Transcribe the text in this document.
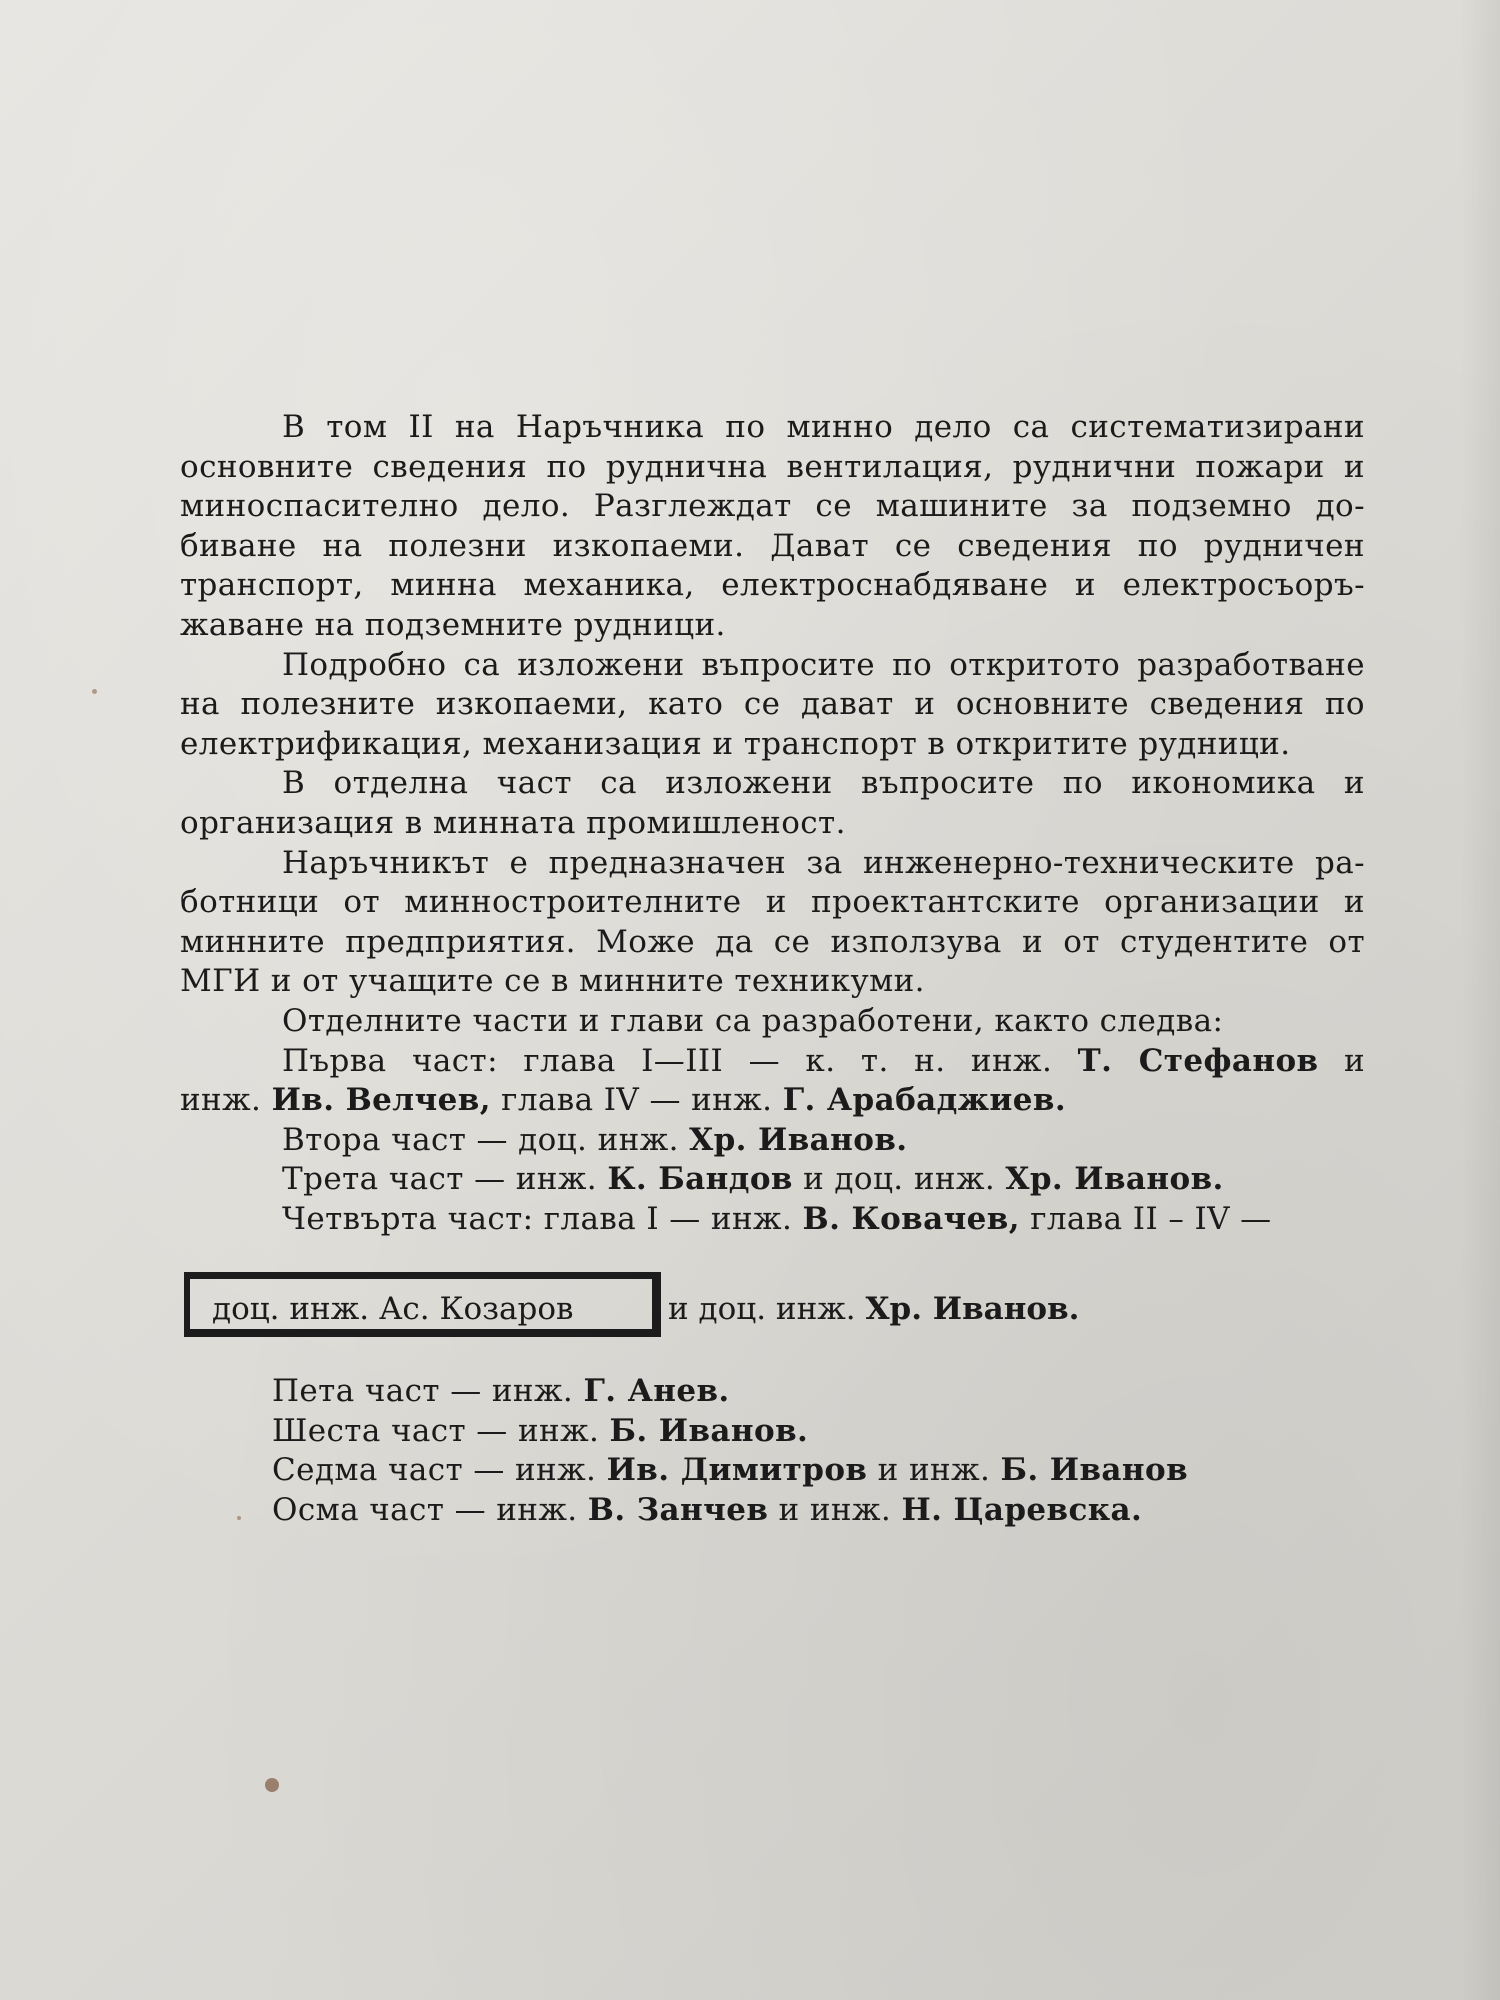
В том II на Наръчника по минно дело са систематизирани
основните сведения по рудничнa вентилация, руднични пожари и
миноспасително дело. Разглеждат се машините за подземно до-
биване на полезни изкопаеми. Дават се сведения по рудничен
транспорт, минна механика, електроснабдяване и електросъоръ-
жаване на подземните рудници.
Подробно са изложени въпросите по откритото разработване
на полезните изкопаеми, като се дават и основните сведения по
електрификация, механизация и транспорт в откритите рудници.
В отделна част са изложени въпросите по икономика и
организация в минната промишленост.
Наръчникът е предназначен за инженерно-техническите ра-
ботници от минностроителните и проектантските организации и
минните предприятия. Може да се използува и от студентите от
МГИ и от учащите се в минните техникуми.
Отделните части и глави са разработени, както следва:
Първа част: глава I—III — к. т. н. инж. Т. Стефанов и
инж. Ив. Велчев, глава IV — инж. Г. Арабаджиев.
Втора част — доц. инж. Хр. Иванов.
Трета част — инж. К. Бандов и доц. инж. Хр. Иванов.
Четвърта част: глава I — инж. В. Ковачев, глава II – IV —
доц. инж. Ас. Козаров	и доц. инж. Хр. Иванов.
Пета част — инж. Г. Анев.
Шеста част — инж. Б. Иванов.
Седма част — инж. Ив. Димитров и инж. Б. Иванов
Осма част — инж. В. Занчев и инж. Н. Царевска.
